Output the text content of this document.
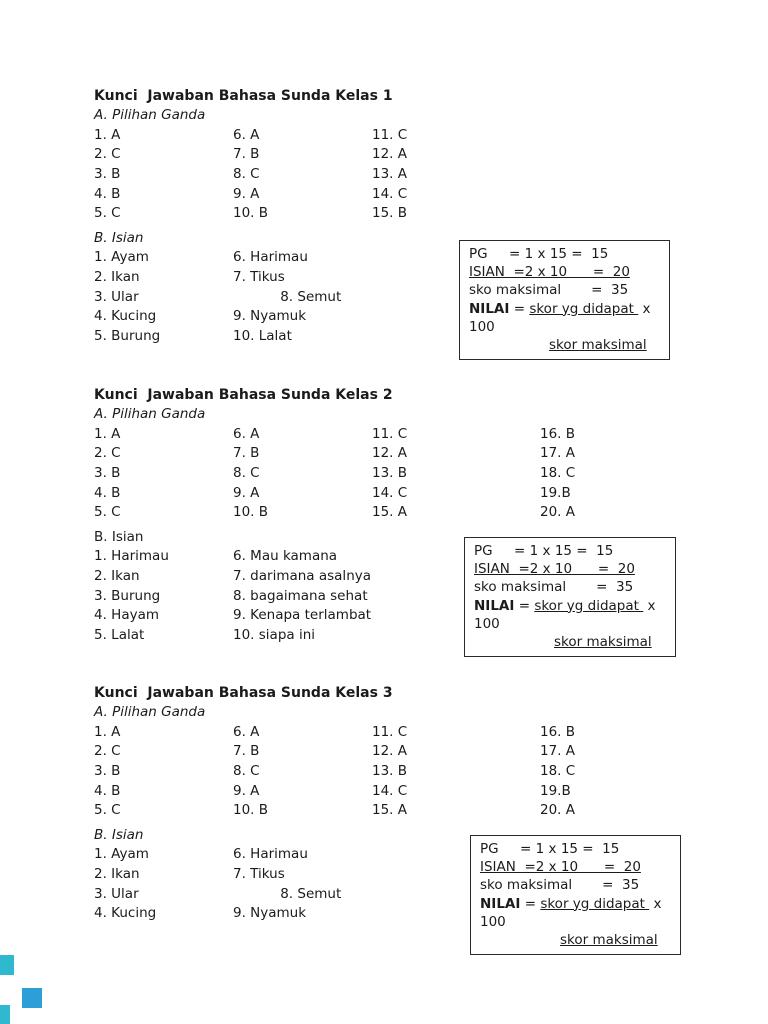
Kunci  Jawaban Bahasa Sunda Kelas 1
A. Pilihan Ganda
1. A
2. C
3. B
4. B
5. C
6. A
7. B
8. C
9. A
10. B
11. C
12. A
13. A
14. C
15. B
B. Isian
1. Ayam
2. Ikan
3. Ular
4. Kucing
5. Burung
6. Harimau
7. Tikus
8. Semut
9. Nyamuk
10. Lalat
Kunci  Jawaban Bahasa Sunda Kelas 2
A. Pilihan Ganda
1. A
2. C
3. B
4. B
5. C
6. A
7. B
8. C
9. A
10. B
11. C
12. A
13. B
14. C
15. A
16. B
17. A
18. C
19.B
20. A
B. Isian
1. Harimau
2. Ikan
3. Burung
4. Hayam
5. Lalat
6. Mau kamana
7. darimana asalnya
8. bagaimana sehat
9. Kenapa terlambat
10. siapa ini
Kunci  Jawaban Bahasa Sunda Kelas 3
A. Pilihan Ganda
1. A
2. C
3. B
4. B
5. C
6. A
7. B
8. C
9. A
10. B
11. C
12. A
13. B
14. C
15. A
16. B
17. A
18. C
19.B
20. A
B. Isian
1. Ayam
2. Ikan
3. Ular
4. Kucing
6. Harimau
7. Tikus
8. Semut
9. Nyamuk
PG     = 1 x 15 =  15
ISIAN  =2 x 10      =  20
sko maksimal       =  35
NILAI = skor yg didapat  x
100
skor maksimal
PG     = 1 x 15 =  15
ISIAN  =2 x 10      =  20
sko maksimal       =  35
NILAI = skor yg didapat  x
100
skor maksimal
PG     = 1 x 15 =  15
ISIAN  =2 x 10      =  20
sko maksimal       =  35
NILAI = skor yg didapat  x
100
skor maksimal
